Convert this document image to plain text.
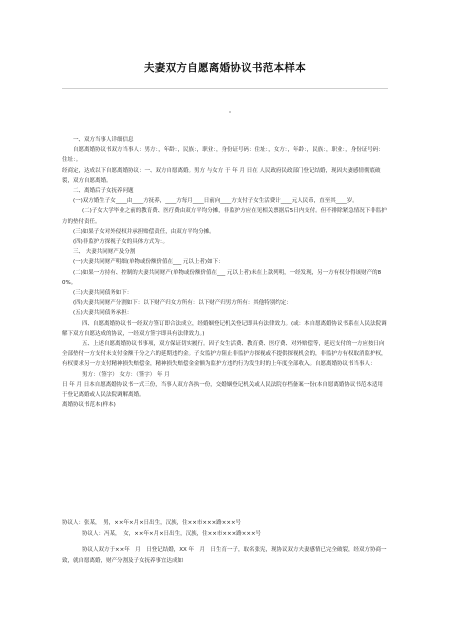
夫妻双方自愿离婚协议书范本样本

一、双方当事人详细信息

自愿离婚协议书双方当事人：男方：，年龄：，民族：，职业：，身份证号码：住址：，女方：，年龄：，民族：，职业：，身份证号码：住址：。

经商定，达成以下自愿离婚协议：一、双方自愿离婚。男方 与女方 于 年 月 日在 人民政府民政部门登记结婚，现因夫妻感情彻底破裂，双方自愿离婚。

二、离婚后子女抚养问题

(一)双方婚生子女____由____方抚养，____方每月____日前向____方支付子女生活费计____元人民币，直至其____岁。

(二)子女大学毕业之前的教育费、医疗费由双方平均分摊，非监护方应在见相关票据后5日内支付。但不排除紧急情况下非监护方的垫付责任。

(三)如果子女对外侵权并承担赔偿责任，由双方平均分摊。

(四)非监护方探视子女的具体方式为：。

三、 夫妻共同财产及分割

(一)夫妻共同财产明细(单物或份额价值在___ 元以上者)如下：

(二)如果一方持有、控制的夫妻共同财产(单物或份额价值在___ 元以上者)未在上款列明，一经发现，另一方有权分得该财产的80%。

(三)夫妻共同债务如下：

(四)夫妻共同财产分割如下：以下财产归女方所有：以下财产归男方所有：其他特别约定：

(五)夫妻共同债务承担：

四、自愿离婚协议书一经双方签订即合法成立，经婚姻登记机关登记即具有法律效力。(或：本自愿离婚协议书系在人民法院调解下双方自愿达成的协议，一经双方签字即具有法律效力。)

五、上述自愿离婚协议书事项，双方保证切实履行。因子女生活费、教育费、医疗费、对外赔偿等，延迟支付的一方应按日向全部垫付一方支付未支付金额千分之六的延期违约金。子女监护方阻止非监护方探视或不提供探视机会的，非监护方有权取消监护权，有权要求另一方支付精神损失赔偿金，精神损失赔偿金金额为监护方违约行为发生时的上年度全部收入。自愿离婚协议书当事人：

男方：（签字） 女方：（签字） 年 月

日 年 月 日本自愿离婚协议书一式三份，当事人双方各执一份，交婚姻登记机关或人民法院存档备案一份(本自愿离婚协议书范本适用于登记离婚或人民法院调解离婚。

离婚协议书范本(样本)

协议人：张某，　男，××年×月×日出生，汉族，住××市×××路×××号

协议人：冯某，　女，××年×月×日出生，汉族，住××市×××路×××号

协议人双方于××年　月　日登记结婚，XX 年　月　日生育一子，取名张宪，现协议双方夫妻感情已完全破裂，经双方协商一致，就自愿离婚，财产分割及子女抚养事宜达成如
